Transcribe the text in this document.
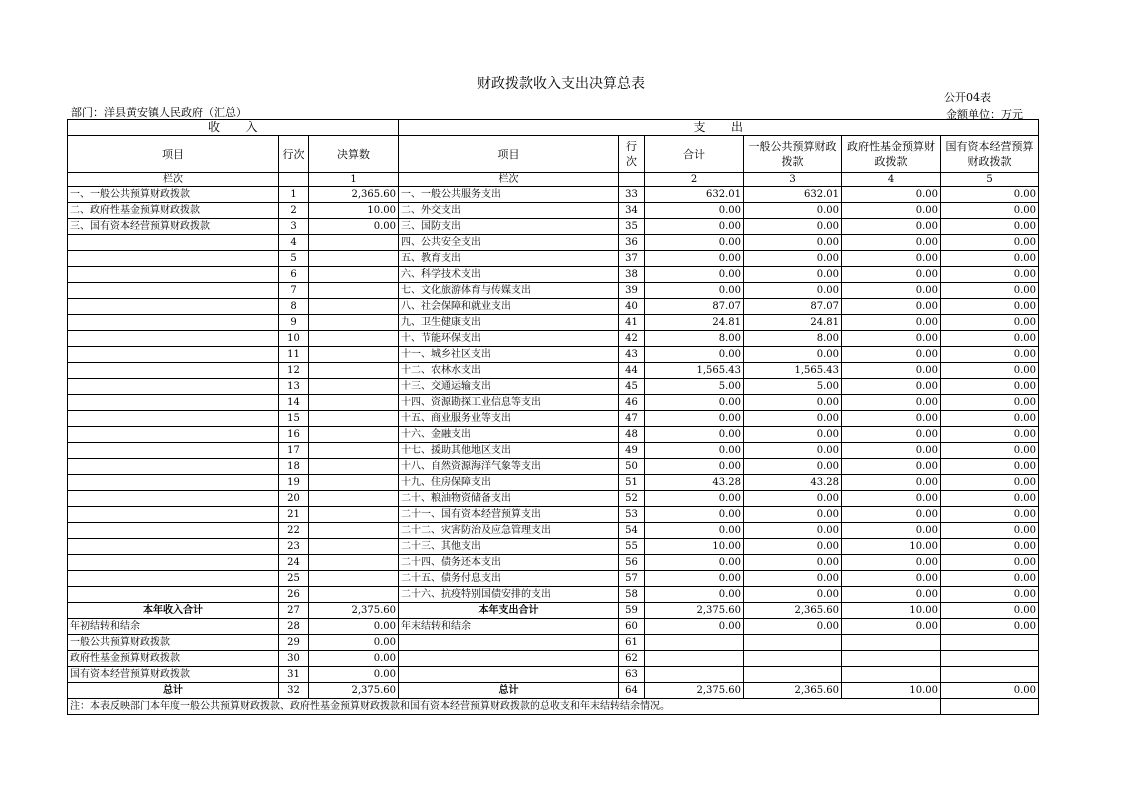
财政拨款收入支出决算总表
公开04表
部门：洋县黄安镇人民政府（汇总）	金额单位：万元
收　　入			支　　出					
项目	行次	决算数	项目	行次	合计	一般公共预算财政拨款	政府性基金预算财政拨款	国有资本经营预算财政拨款
栏次		1	栏次		2	3	4	5
一、一般公共预算财政拨款	1	2,365.60	一、一般公共服务支出	33	632.01	632.01	0.00	0.00
二、政府性基金预算财政拨款	2	10.00	二、外交支出	34	0.00	0.00	0.00	0.00
三、国有资本经营预算财政拨款	3	0.00	三、国防支出	35	0.00	0.00	0.00	0.00
	4		四、公共安全支出	36	0.00	0.00	0.00	0.00
	5		五、教育支出	37	0.00	0.00	0.00	0.00
	6		六、科学技术支出	38	0.00	0.00	0.00	0.00
	7		七、文化旅游体育与传媒支出	39	0.00	0.00	0.00	0.00
	8		八、社会保障和就业支出	40	87.07	87.07	0.00	0.00
	9		九、卫生健康支出	41	24.81	24.81	0.00	0.00
	10		十、节能环保支出	42	8.00	8.00	0.00	0.00
	11		十一、城乡社区支出	43	0.00	0.00	0.00	0.00
	12		十二、农林水支出	44	1,565.43	1,565.43	0.00	0.00
	13		十三、交通运输支出	45	5.00	5.00	0.00	0.00
	14		十四、资源勘探工业信息等支出	46	0.00	0.00	0.00	0.00
	15		十五、商业服务业等支出	47	0.00	0.00	0.00	0.00
	16		十六、金融支出	48	0.00	0.00	0.00	0.00
	17		十七、援助其他地区支出	49	0.00	0.00	0.00	0.00
	18		十八、自然资源海洋气象等支出	50	0.00	0.00	0.00	0.00
	19		十九、住房保障支出	51	43.28	43.28	0.00	0.00
	20		二十、粮油物资储备支出	52	0.00	0.00	0.00	0.00
	21		二十一、国有资本经营预算支出	53	0.00	0.00	0.00	0.00
	22		二十二、灾害防治及应急管理支出	54	0.00	0.00	0.00	0.00
	23		二十三、其他支出	55	10.00	0.00	10.00	0.00
	24		二十四、债务还本支出	56	0.00	0.00	0.00	0.00
	25		二十五、债务付息支出	57	0.00	0.00	0.00	0.00
	26		二十六、抗疫特别国债安排的支出	58	0.00	0.00	0.00	0.00
本年收入合计	27	2,375.60	本年支出合计	59	2,375.60	2,365.60	10.00	0.00
年初结转和结余	28	0.00	年末结转和结余	60	0.00	0.00	0.00	0.00
一般公共预算财政拨款	29	0.00		61				
政府性基金预算财政拨款	30	0.00		62				
国有资本经营预算财政拨款	31	0.00		63				
总计	32	2,375.60	总计	64	2,375.60	2,365.60	10.00	0.00
注：本表反映部门本年度一般公共预算财政拨款、政府性基金预算财政拨款和国有资本经营预算财政拨款的总收支和年末结转结余情况。								
